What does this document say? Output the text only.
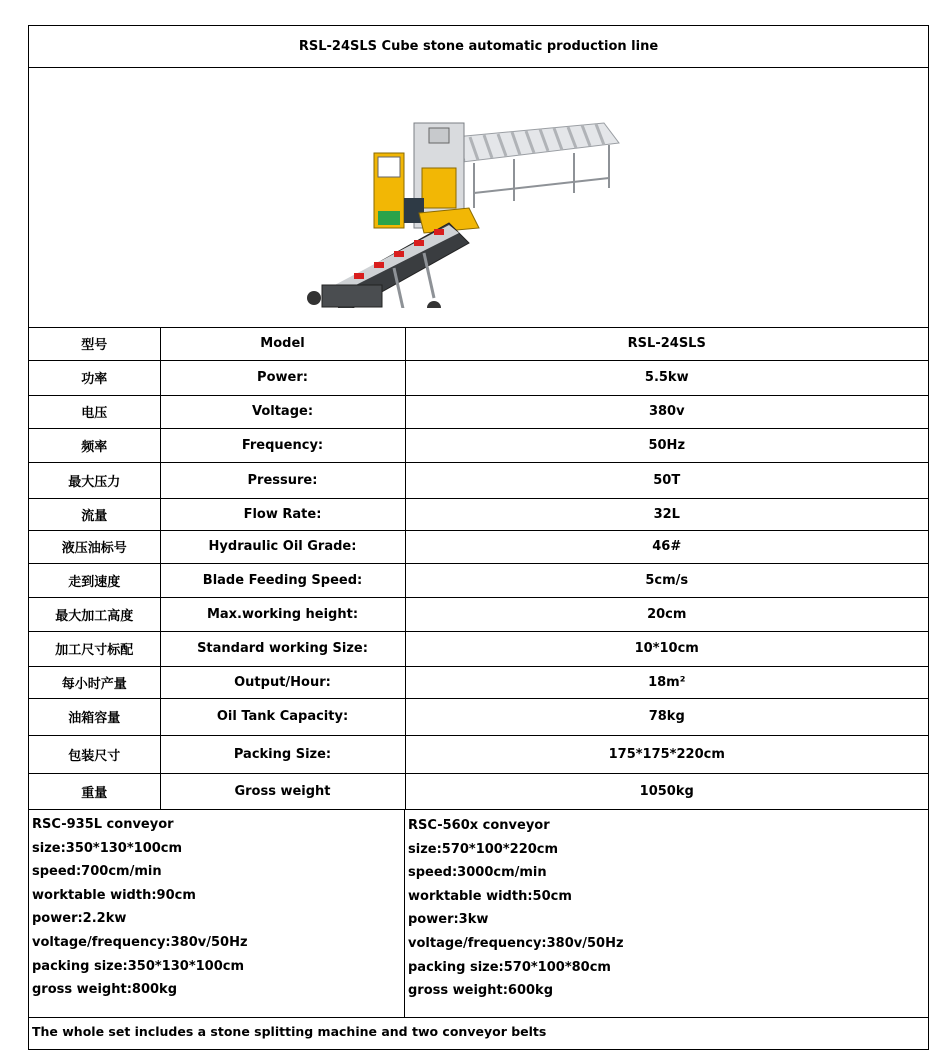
RSL-24SLS Cube stone automatic production line
型号	Model	RSL-24SLS
功率	Power:	5.5kw
电压	Voltage:	380v
频率	Frequency:	50Hz
最大压力	Pressure:	50T
流量	Flow Rate:	32L
液压油标号	Hydraulic Oil Grade:	46#
走到速度	Blade Feeding Speed:	5cm/s
最大加工高度	Max.working height:	20cm
加工尺寸标配	Standard working Size:	10*10cm
每小时产量	Output/Hour:	18m²
油箱容量	Oil Tank Capacity:	78kg
包装尺寸	Packing Size:	175*175*220cm
重量	Gross weight	1050kg
RSC-935L conveyor
size:350*130*100cm
speed:700cm/min
worktable width:90cm
power:2.2kw
voltage/frequency:380v/50Hz
packing size:350*130*100cm
gross weight:800kg
RSC-560x conveyor
size:570*100*220cm
speed:3000cm/min
worktable width:50cm
power:3kw
voltage/frequency:380v/50Hz
packing size:570*100*80cm
gross weight:600kg
The whole set includes a stone splitting machine and two conveyor belts
